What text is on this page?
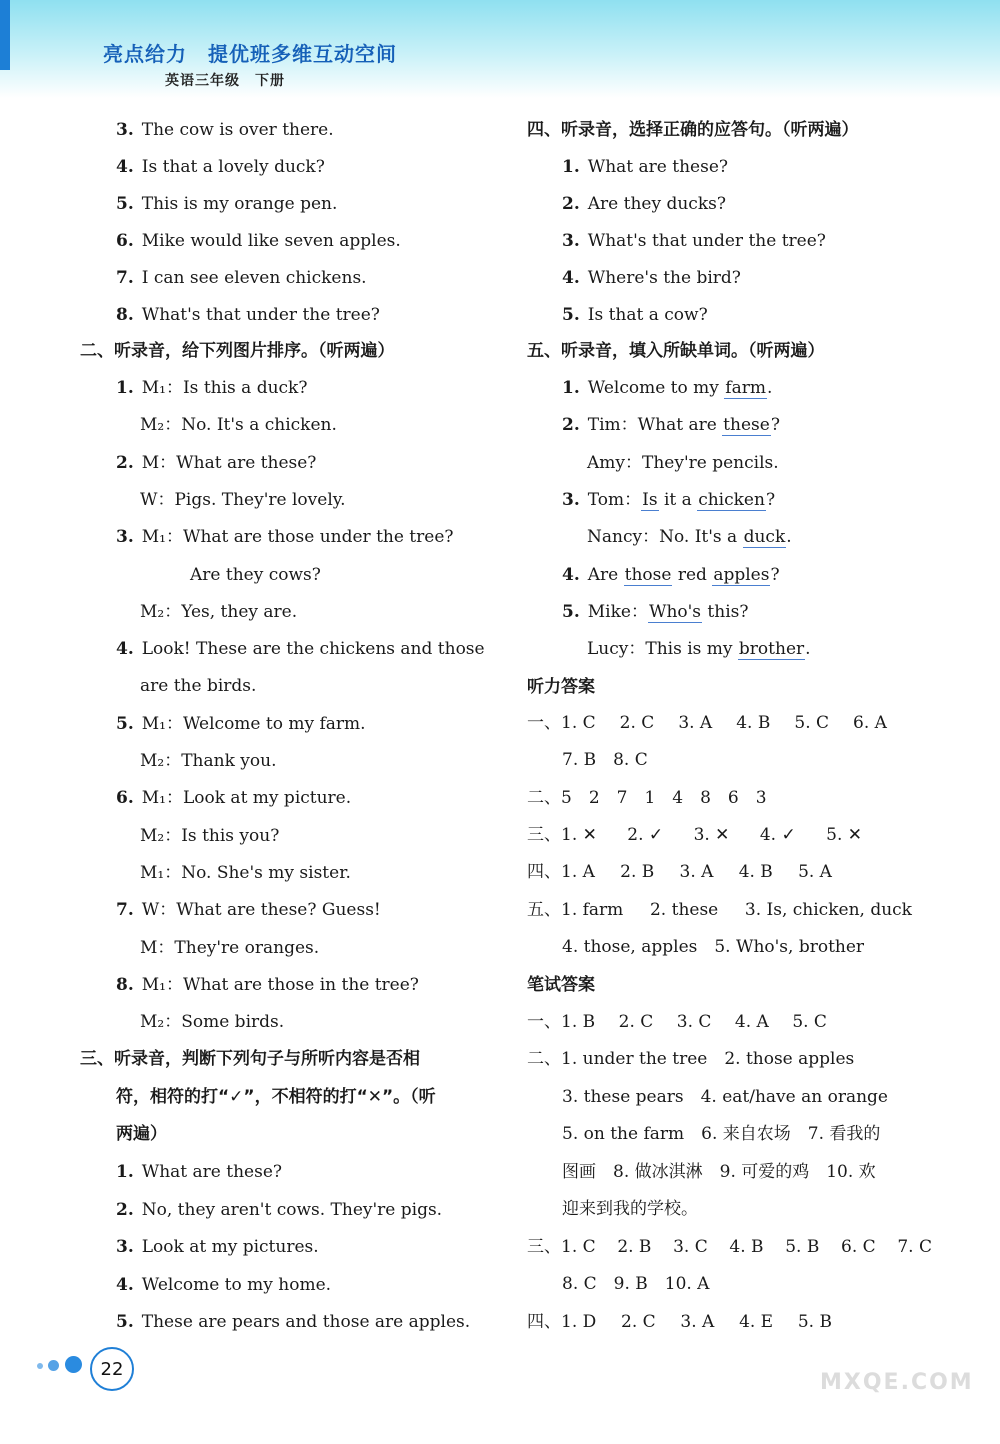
亮点给力　提优班多维互动空间
英语三年级　下册
3. The cow is over there.
4. Is that a lovely duck?
5. This is my orange pen.
6. Mike would like seven apples.
7. I can see eleven chickens.
8. What's that under the tree?
二、听录音，给下列图片排序。（听两遍）
1. M₁：Is this a duck?
M₂：No. It's a chicken.
2. M：What are these?
W：Pigs. They're lovely.
3. M₁：What are those under the tree?
Are they cows?
M₂：Yes, they are.
4. Look! These are the chickens and those
are the birds.
5. M₁：Welcome to my farm.
M₂：Thank you.
6. M₁：Look at my picture.
M₂：Is this you?
M₁：No. She's my sister.
7. W：What are these? Guess!
M：They're oranges.
8. M₁：What are those in the tree?
M₂：Some birds.
三、听录音，判断下列句子与所听内容是否相
符，相符的打“✓”，不相符的打“✕”。（听
两遍）
1. What are these?
2. No, they aren't cows. They're pigs.
3. Look at my pictures.
4. Welcome to my home.
5. These are pears and those are apples.
四、听录音，选择正确的应答句。（听两遍）
1. What are these?
2. Are they ducks?
3. What's that under the tree?
4. Where's the bird?
5. Is that a cow?
五、听录音，填入所缺单词。（听两遍）
1. Welcome to my farm.
2. Tim：What are these?
Amy：They're pencils.
3. Tom：Is it a chicken?
Nancy：No. It's a duck.
4. Are those red apples?
5. Mike：Who's this?
Lucy：This is my brother.
听力答案
一、1. C 2. C 3. A 4. B 5. C 6. A
7. B　8. C
二、5　2　7　1　4　8　6　3
三、1. ✕ 2. ✓ 3. ✕ 4. ✓ 5. ✕
四、1. A 2. B 3. A 4. B 5. A
五、1. farm 2. these 3. Is, chicken, duck
4. those, apples　5. Who's, brother
笔试答案
一、1. B 2. C 3. C 4. A 5. C
二、1. under the tree　2. those apples
3. these pears　4. eat/have an orange
5. on the farm　6. 来自农场　7. 看我的
图画　8. 做冰淇淋　9. 可爱的鸡　10. 欢
迎来到我的学校。
三、1. C 2. B 3. C 4. B 5. B 6. C 7. C
8. C　9. B　10. A
四、1. D 2. C 3. A 4. E 5. B
22
MXQE.COM
